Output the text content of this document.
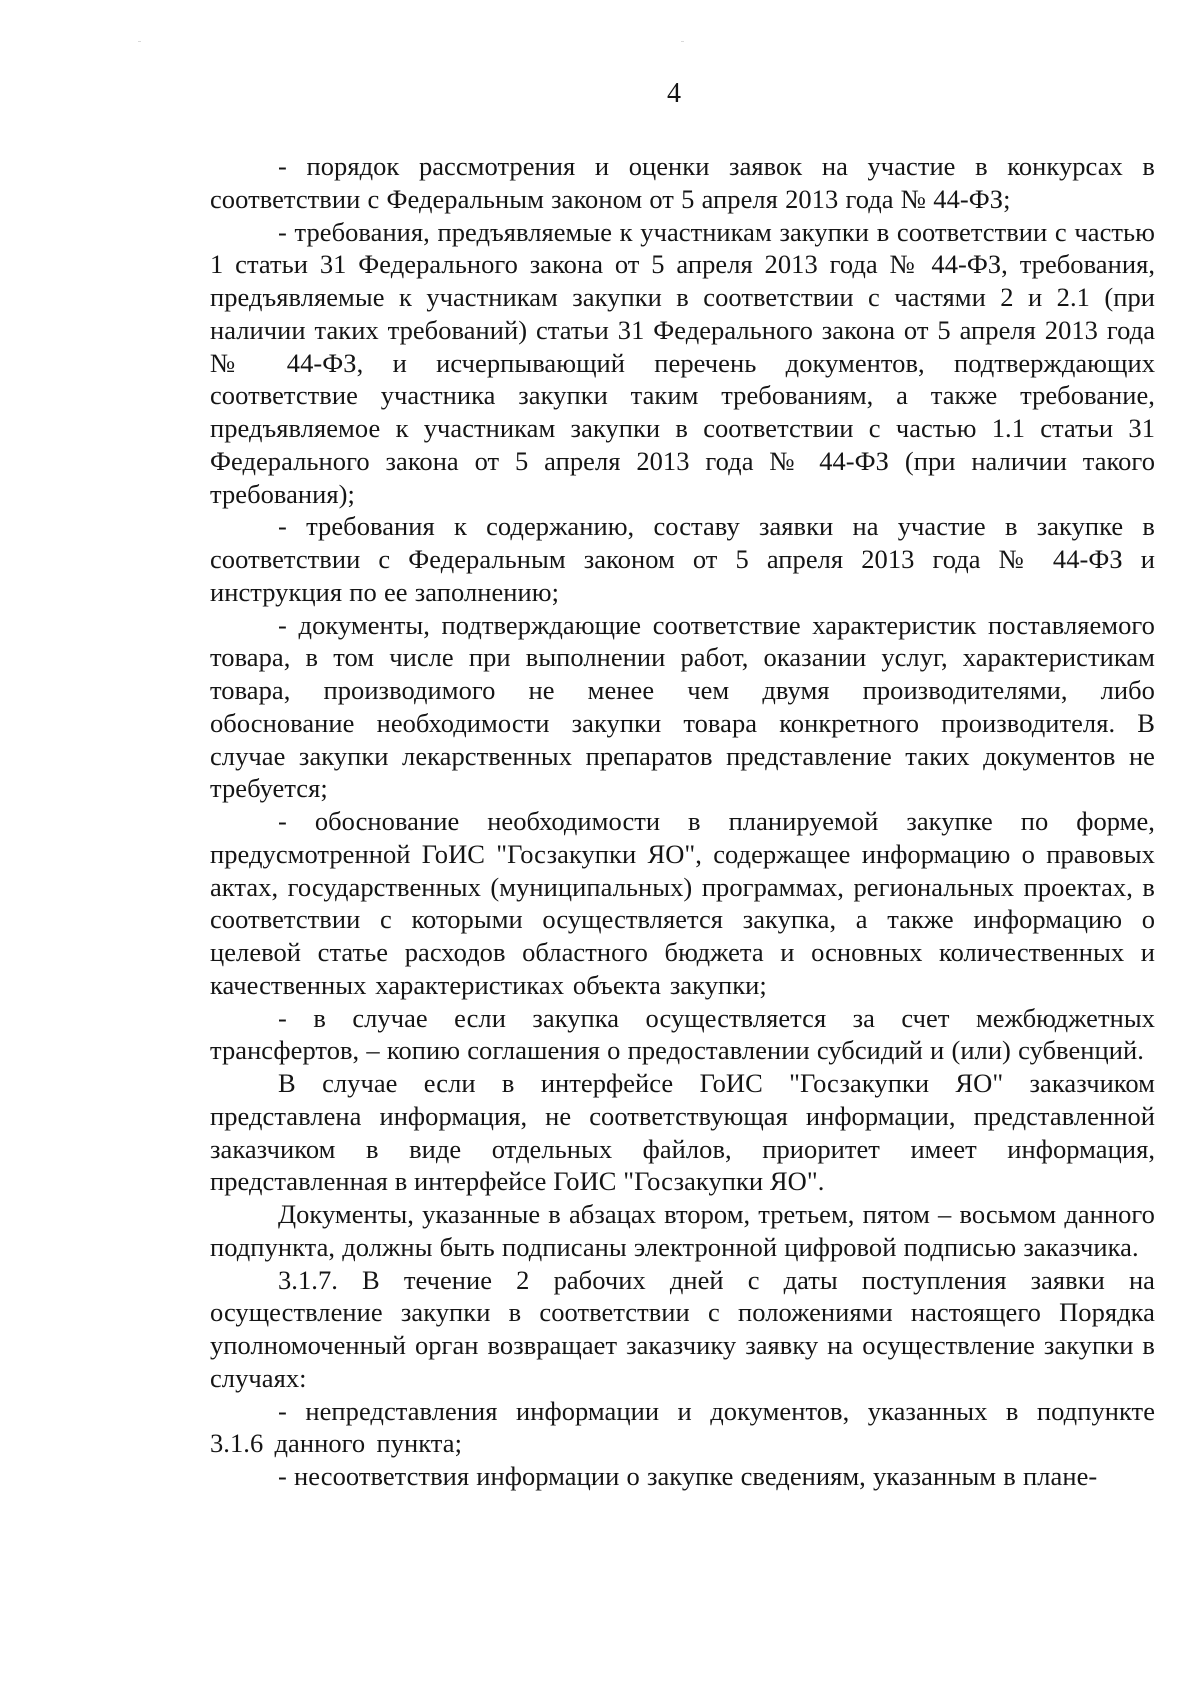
4

- порядок рассмотрения и оценки заявок на участие в конкурсах в соответствии с Федеральным законом от 5 апреля 2013 года № 44-ФЗ;

- требования, предъявляемые к участникам закупки в соответствии с частью 1 статьи 31 Федерального закона от 5 апреля 2013 года № 44-ФЗ, требования, предъявляемые к участникам закупки в соответствии с частями 2 и 2.1 (при наличии таких требований) статьи 31 Федерального закона от 5 апреля 2013 года № 44-ФЗ, и исчерпывающий перечень документов, подтверждающих соответствие участника закупки таким требованиям, а также требование, предъявляемое к участникам закупки в соответствии с частью 1.1 статьи 31 Федерального закона от 5 апреля 2013 года № 44-ФЗ (при наличии такого требования);

- требования к содержанию, составу заявки на участие в закупке в соответствии с Федеральным законом от 5 апреля 2013 года № 44-ФЗ и инструкция по ее заполнению;

- документы, подтверждающие соответствие характеристик поставляемого товара, в том числе при выполнении работ, оказании услуг, характеристикам товара, производимого не менее чем двумя производителями, либо обоснование необходимости закупки товара конкретного производителя. В случае закупки лекарственных препаратов представление таких документов не требуется;

- обоснование необходимости в планируемой закупке по форме, предусмотренной ГоИС "Госзакупки ЯО", содержащее информацию о правовых актах, государственных (муниципальных) программах, региональных проектах, в соответствии с которыми осуществляется закупка, а также информацию о целевой статье расходов областного бюджета и основных количественных и качественных характеристиках объекта закупки;

- в случае если закупка осуществляется за счет межбюджетных трансфертов, – копию соглашения о предоставлении субсидий и (или) субвенций.

В случае если в интерфейсе ГоИС "Госзакупки ЯО" заказчиком представлена информация, не соответствующая информации, представленной заказчиком в виде отдельных файлов, приоритет имеет информация, представленная в интерфейсе ГоИС "Госзакупки ЯО".

Документы, указанные в абзацах втором, третьем, пятом – восьмом данного подпункта, должны быть подписаны электронной цифровой подписью заказчика.

3.1.7. В течение 2 рабочих дней с даты поступления заявки на осуществление закупки в соответствии с положениями настоящего Порядка уполномоченный орган возвращает заказчику заявку на осуществление закупки в случаях:

- непредставления информации и документов, указанных в подпункте 3.1.6 данного пункта;

- несоответствия информации о закупке сведениям, указанным в плане-
